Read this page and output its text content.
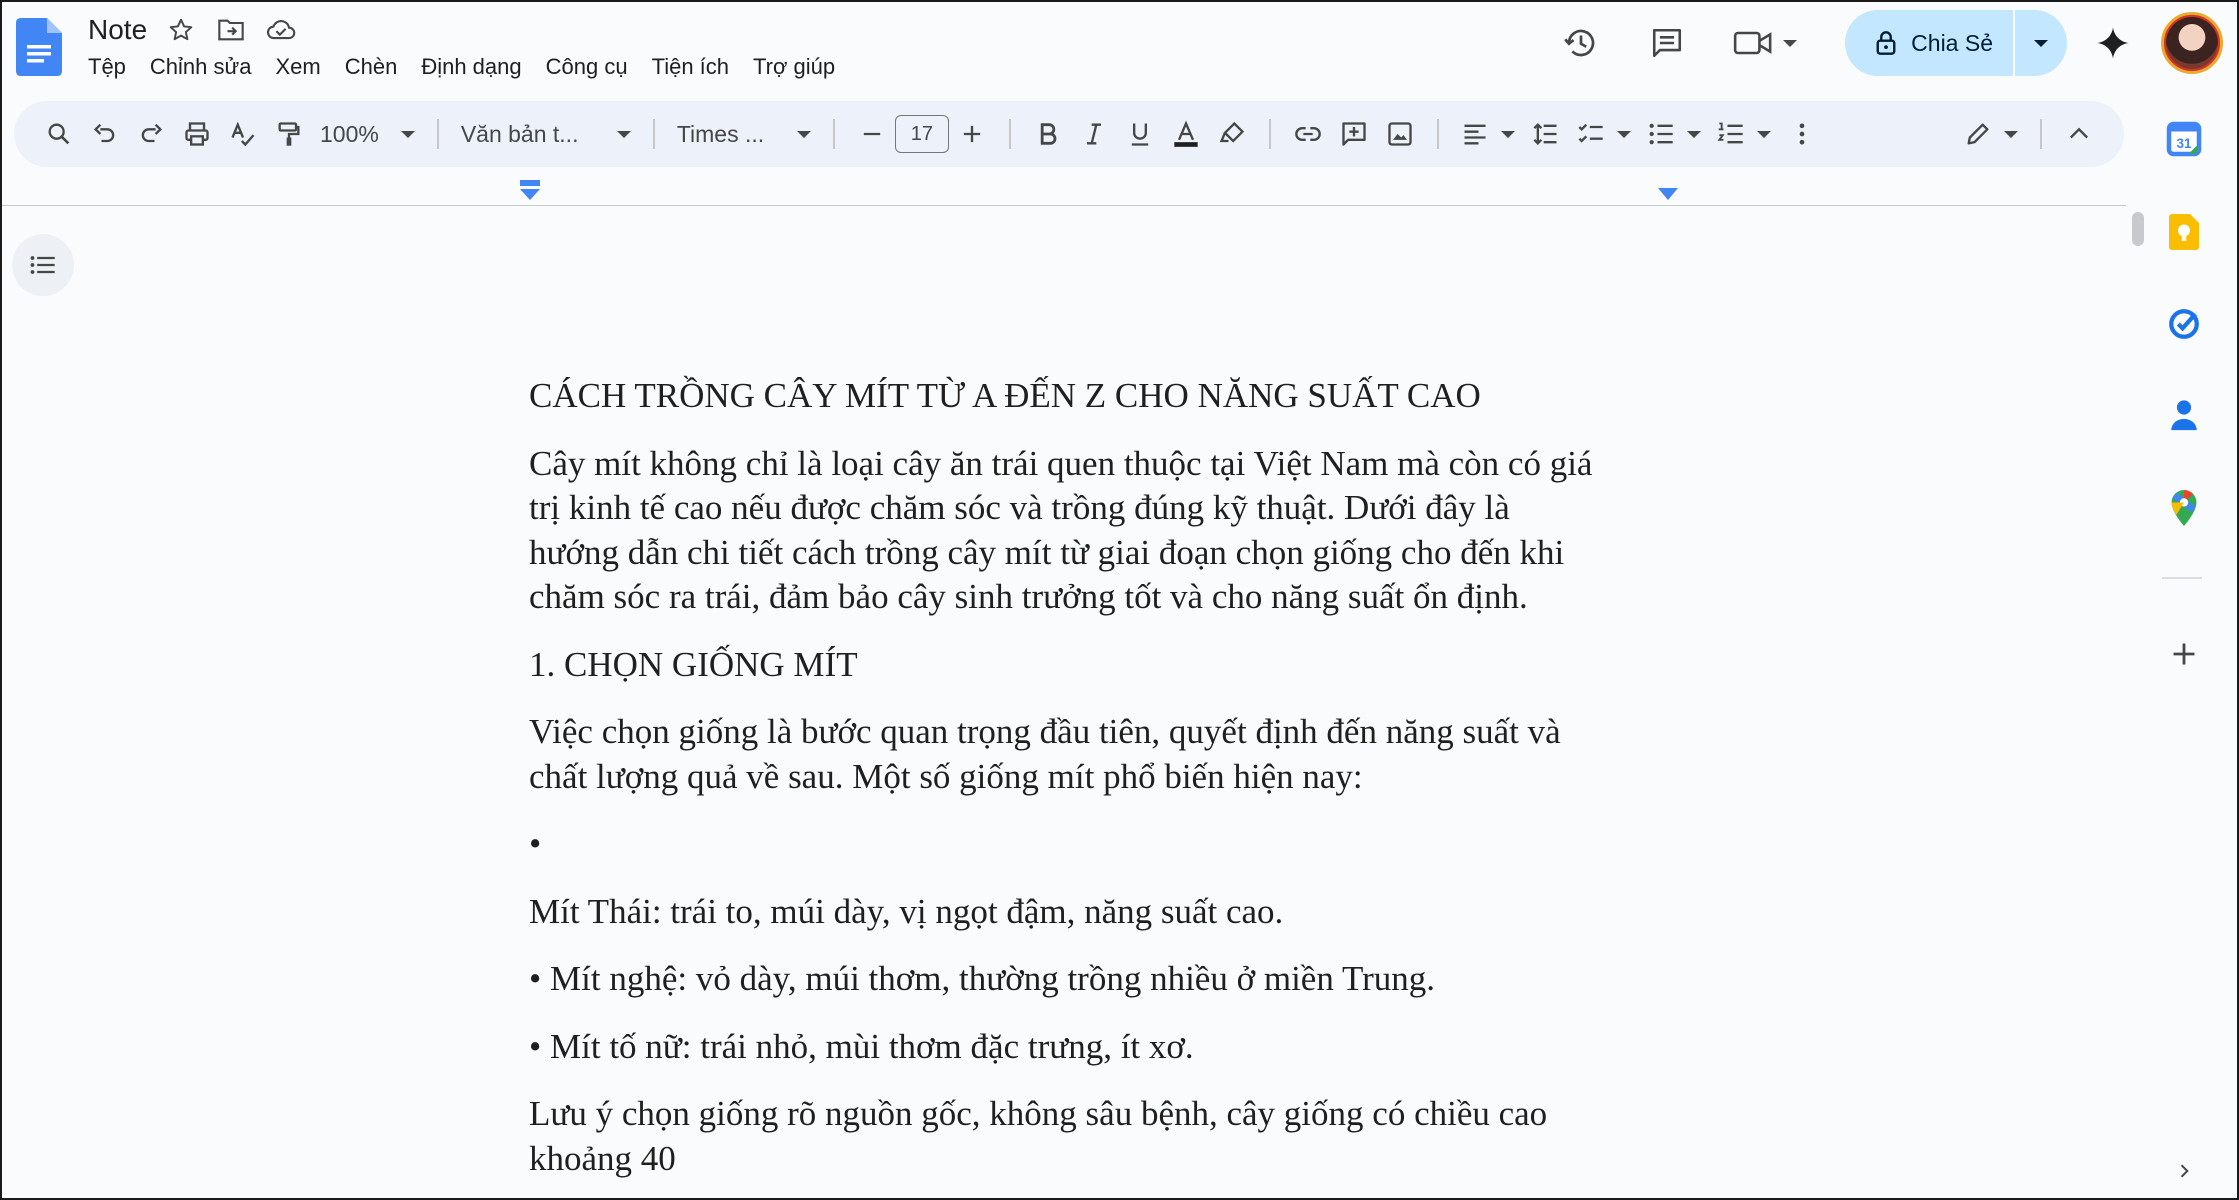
Note
Tệp Chỉnh sửa Xem Chèn Định dạng Công cụ Tiện ích Trợ giúp
Chia Sẻ
100%	Văn bản t...	Times ...	17

CÁCH TRỒNG CÂY MÍT TỪ A ĐẾN Z CHO NĂNG SUẤT CAO

Cây mít không chỉ là loại cây ăn trái quen thuộc tại Việt Nam mà còn có giá

trị kinh tế cao nếu được chăm sóc và trồng đúng kỹ thuật. Dưới đây là

hướng dẫn chi tiết cách trồng cây mít từ giai đoạn chọn giống cho đến khi

chăm sóc ra trái, đảm bảo cây sinh trưởng tốt và cho năng suất ổn định.

1. CHỌN GIỐNG MÍT

Việc chọn giống là bước quan trọng đầu tiên, quyết định đến năng suất và

chất lượng quả về sau. Một số giống mít phổ biến hiện nay:

•

Mít Thái: trái to, múi dày, vị ngọt đậm, năng suất cao.

• Mít nghệ: vỏ dày, múi thơm, thường trồng nhiều ở miền Trung.

• Mít tố nữ: trái nhỏ, mùi thơm đặc trưng, ít xơ.

Lưu ý chọn giống rõ nguồn gốc, không sâu bệnh, cây giống có chiều cao

khoảng 40

31
